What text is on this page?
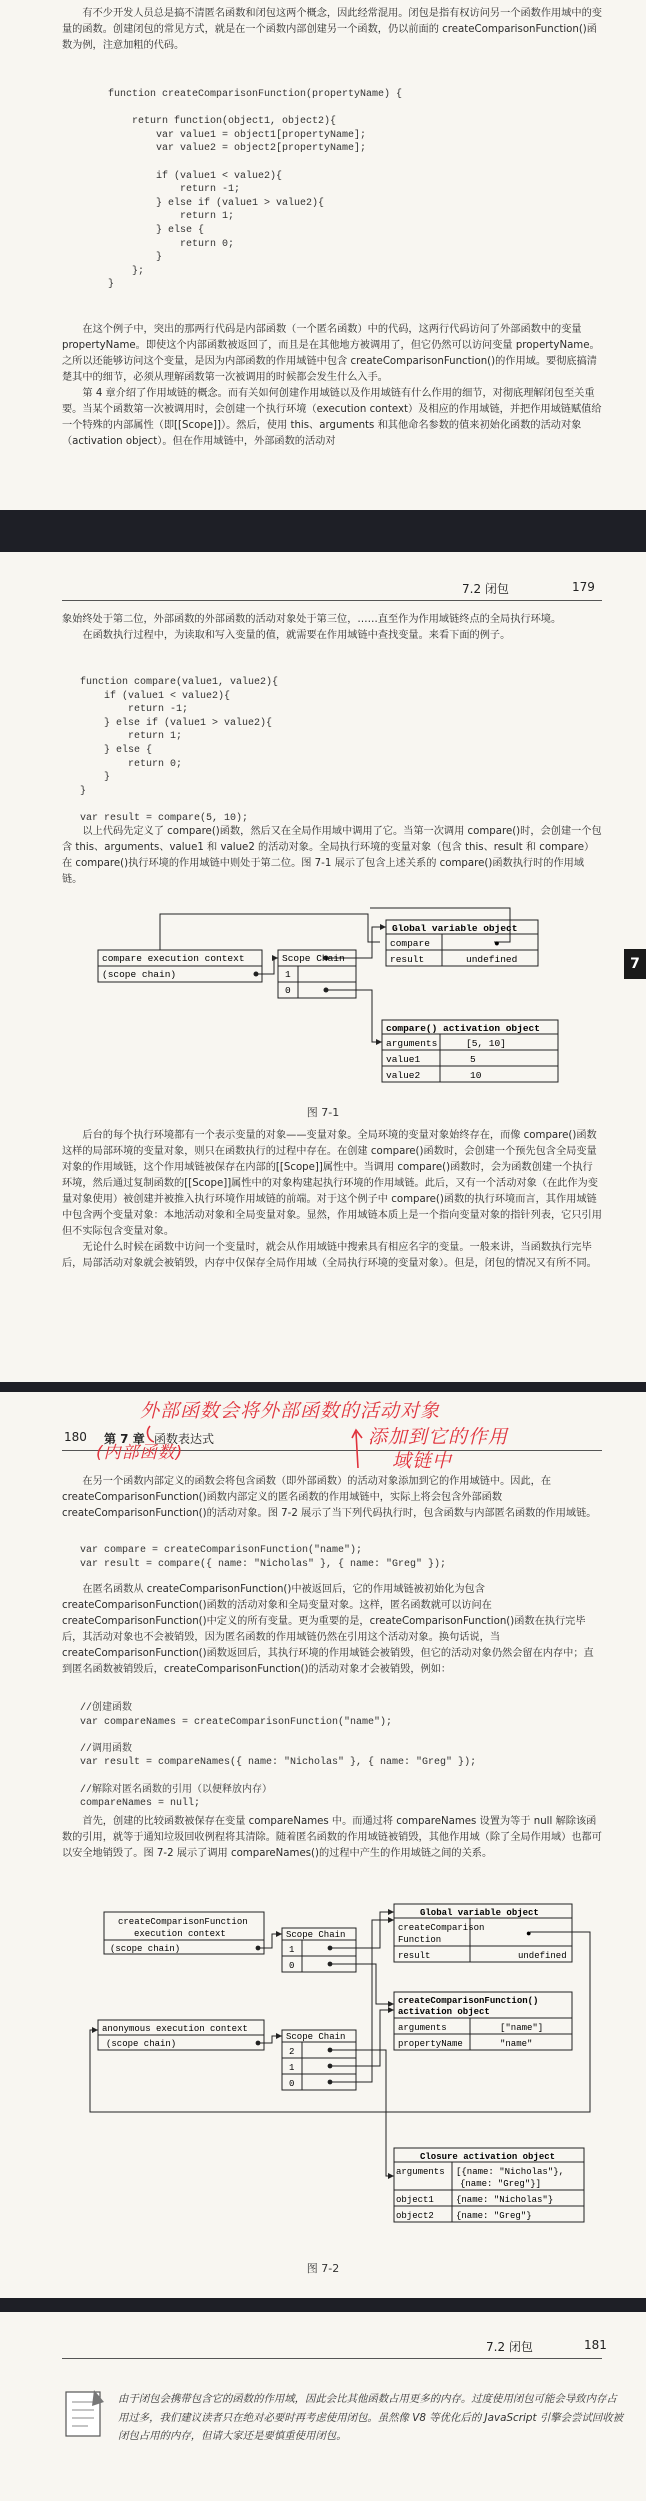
有不少开发人员总是搞不清匿名函数和闭包这两个概念，因此经常混用。闭包是指有权访问另一个函数作用域中的变量的函数。创建闭包的常见方式，就是在一个函数内部创建另一个函数，仍以前面的 createComparisonFunction()函数为例，注意加粗的代码。

function createComparisonFunction(propertyName) {

return function(object1, object2){
var value1 = object1[propertyName];
var value2 = object2[propertyName];

if (value1 < value2){
return -1;
} else if (value1 > value2){
return 1;
} else {
return 0;
}
};
}

在这个例子中，突出的那两行代码是内部函数（一个匿名函数）中的代码，这两行代码访问了外部函数中的变量 propertyName。即使这个内部函数被返回了，而且是在其他地方被调用了，但它仍然可以访问变量 propertyName。之所以还能够访问这个变量，是因为内部函数的作用域链中包含 createComparisonFunction()的作用域。要彻底搞清楚其中的细节，必须从理解函数第一次被调用的时候都会发生什么入手。

第 4 章介绍了作用域链的概念。而有关如何创建作用域链以及作用域链有什么作用的细节，对彻底理解闭包至关重要。当某个函数第一次被调用时，会创建一个执行环境（execution context）及相应的作用域链，并把作用域链赋值给一个特殊的内部属性（即[[Scope]]）。然后，使用 this、arguments 和其他命名参数的值来初始化函数的活动对象（activation object）。但在作用域链中，外部函数的活动对

7.2 闭包	179

象始终处于第二位，外部函数的外部函数的活动对象处于第三位，……直至作为作用域链终点的全局执行环境。

在函数执行过程中，为读取和写入变量的值，就需要在作用域链中查找变量。来看下面的例子。

function compare(value1, value2){
if (value1 < value2){
return -1;
} else if (value1 > value2){
return 1;
} else {
return 0;
}
}

var result = compare(5, 10);

以上代码先定义了 compare()函数，然后又在全局作用域中调用了它。当第一次调用 compare()时，会创建一个包含 this、arguments、value1 和 value2 的活动对象。全局执行环境的变量对象（包含 this、result 和 compare）在 compare()执行环境的作用域链中则处于第二位。图 7-1 展示了包含上述关系的 compare()函数执行时的作用域链。

7
compare execution context
(scope chain)
Scope Chain
1
0
Global variable object
compare	●
result	undefined
compare() activation object
arguments	[5, 10]
value1	5
value2	10
图 7-1

后台的每个执行环境都有一个表示变量的对象——变量对象。全局环境的变量对象始终存在，而像 compare()函数这样的局部环境的变量对象，则只在函数执行的过程中存在。在创建 compare()函数时，会创建一个预先包含全局变量对象的作用域链，这个作用域链被保存在内部的[[Scope]]属性中。当调用 compare()函数时，会为函数创建一个执行环境，然后通过复制函数的[[Scope]]属性中的对象构建起执行环境的作用域链。此后，又有一个活动对象（在此作为变量对象使用）被创建并被推入执行环境作用域链的前端。对于这个例子中 compare()函数的执行环境而言，其作用域链中包含两个变量对象：本地活动对象和全局变量对象。显然，作用域链本质上是一个指向变量对象的指针列表，它只引用但不实际包含变量对象。

无论什么时候在函数中访问一个变量时，就会从作用域链中搜索具有相应名字的变量。一般来讲，当函数执行完毕后，局部活动对象就会被销毁，内存中仅保存全局作用域（全局执行环境的变量对象）。但是，闭包的情况又有所不同。

180 第 7 章 函数表达式
外部函数会将外部函数的活动对象
添加到它的作用
域链中
(内部函数)

在另一个函数内部定义的函数会将包含函数（即外部函数）的活动对象添加到它的作用域链中。因此，在 createComparisonFunction()函数内部定义的匿名函数的作用域链中，实际上将会包含外部函数 createComparisonFunction()的活动对象。图 7-2 展示了当下列代码执行时，包含函数与内部匿名函数的作用域链。

var compare = createComparisonFunction("name");
var result = compare({ name: "Nicholas" }, { name: "Greg" });

在匿名函数从 createComparisonFunction()中被返回后，它的作用域链被初始化为包含 createComparisonFunction()函数的活动对象和全局变量对象。这样，匿名函数就可以访问在 createComparisonFunction()中定义的所有变量。更为重要的是，createComparisonFunction()函数在执行完毕后，其活动对象也不会被销毁，因为匿名函数的作用域链仍然在引用这个活动对象。换句话说，当 createComparisonFunction()函数返回后，其执行环境的作用域链会被销毁，但它的活动对象仍然会留在内存中；直到匿名函数被销毁后，createComparisonFunction()的活动对象才会被销毁，例如：

//创建函数
var compareNames = createComparisonFunction("name");

//调用函数
var result = compareNames({ name: "Nicholas" }, { name: "Greg" });

//解除对匿名函数的引用（以便释放内存）
compareNames = null;

首先，创建的比较函数被保存在变量 compareNames 中。而通过将 compareNames 设置为等于 null 解除该函数的引用，就等于通知垃圾回收例程将其清除。随着匿名函数的作用域链被销毁，其他作用域（除了全局作用域）也都可以安全地销毁了。图 7-2 展示了调用 compareNames()的过程中产生的作用域链之间的关系。

createComparisonFunction
execution context
(scope chain)
Scope Chain
1
0
anonymous execution context
(scope chain)
Scope Chain
2
1
0
Global variable object
createComparison
Function
●
result	undefined
createComparisonFunction()
activation object
arguments	["name"]
propertyName	"name"
Closure activation object
arguments [{name: "Nicholas"},
{name: "Greg"}]
object1 {name: "Nicholas"}
object2 {name: "Greg"}
图 7-2
7.2 闭包	181
由于闭包会携带包含它的函数的作用域，因此会比其他函数占用更多的内存。过度使用闭包可能会导致内存占用过多，我们建议读者只在绝对必要时再考虑使用闭包。虽然像 V8 等优化后的 JavaScript 引擎会尝试回收被闭包占用的内存，但请大家还是要慎重使用闭包。
